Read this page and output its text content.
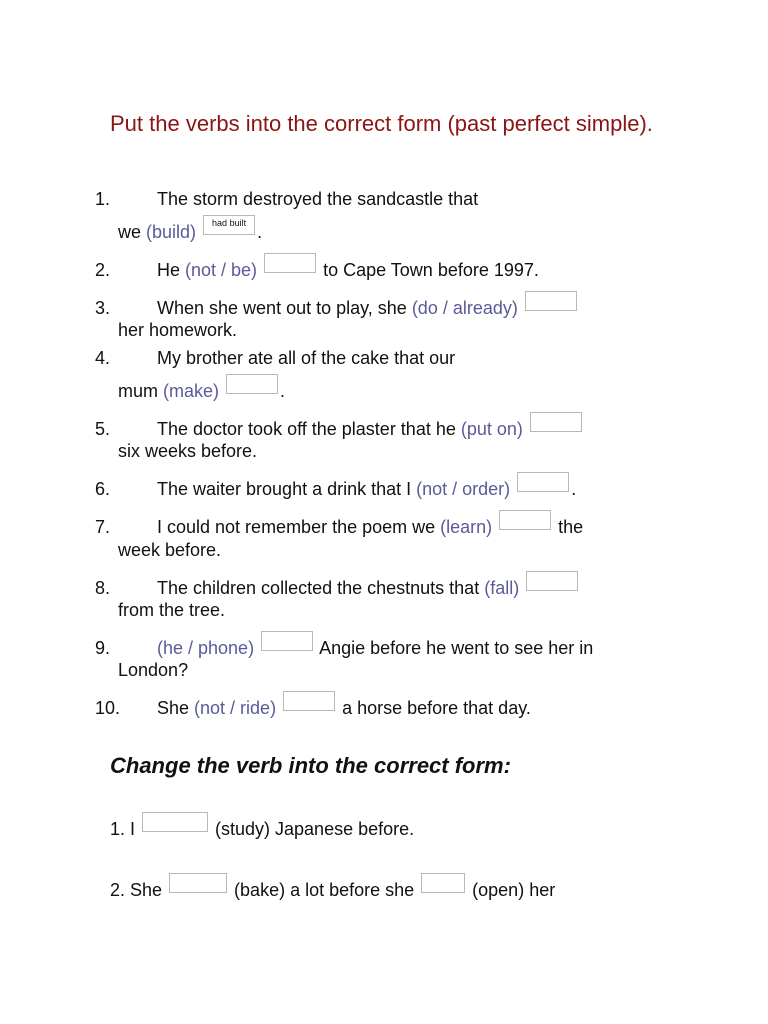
Put the verbs into the correct form (past perfect simple).
1.	The storm destroyed the sandcastle that
we (build) had built .
2.	He (not / be)	to Cape Town before 1997.
3.	When she went out to play, she (do / already)
her homework.
4.	My brother ate all of the cake that our
mum (make)	.
5.	The doctor took off the plaster that he (put on)
six weeks before.
6.	The waiter brought a drink that I (not / order)	.
7.	I could not remember the poem we (learn)	the
week before.
8.	The children collected the chestnuts that (fall)
from the tree.
9.	(he / phone)	Angie before he went to see her in
London?
10. She (not / ride)	a horse before that day.
Change the verb into the correct form:
1. I	(study) Japanese before.
2. She	(bake) a lot before she	(open) her
